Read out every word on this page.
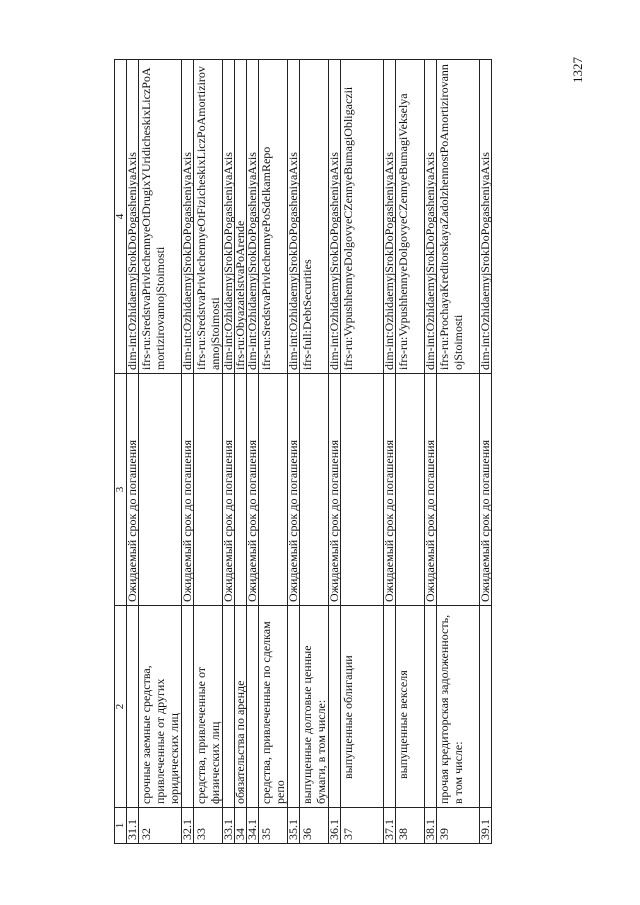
1327
1	2	3	4
31.1		Ожидаемый срок до погашения	dim-int:OzhidaemyjSrokDoPogasheniyaAxis
32	срочные заемные средства, привлеченные от других юридических лиц		ifrs-ru:SredstvaPrivlechennyeOtDrugixYUridicheskixLiczPoAmortizirovannojStoimosti
32.1		Ожидаемый срок до погашения	dim-int:OzhidaemyjSrokDoPogasheniyaAxis
33	средства, привлеченные от физических лиц		ifrs-ru:SredstvaPrivlechennyeOtFizicheskixLiczPoAmortizirovannojStoimosti
33.1		Ожидаемый срок до погашения	dim-int:OzhidaemyjSrokDoPogasheniyaAxis
34	обязательства по аренде		ifrs-ru:ObyazatelstvaPoArende
34.1		Ожидаемый срок до погашения	dim-int:OzhidaemyjSrokDoPogasheniyaAxis
35	средства, привлеченные по сделкам репо		ifrs-ru:SredstvaPrivlechennyePoSdelkamRepo
35.1		Ожидаемый срок до погашения	dim-int:OzhidaemyjSrokDoPogasheniyaAxis
36	выпущенные долговые ценные бумаги, в том числе:		ifrs-full:DebtSecurities
36.1		Ожидаемый срок до погашения	dim-int:OzhidaemyjSrokDoPogasheniyaAxis
37	выпущенные облигации		ifrs-ru:VypushhennyeDolgovyeCZennyeBumagiObligaczii
37.1		Ожидаемый срок до погашения	dim-int:OzhidaemyjSrokDoPogasheniyaAxis
38	выпущенные векселя		ifrs-ru:VypushhennyeDolgovyeCZennyeBumagiVekselya
38.1		Ожидаемый срок до погашения	dim-int:OzhidaemyjSrokDoPogasheniyaAxis
39	прочая кредиторская задолженность, в том числе:		ifrs-ru:ProchayaKreditorskayaZadolzhennostPoAmortizirovannojStoimosti
39.1		Ожидаемый срок до погашения	dim-int:OzhidaemyjSrokDoPogasheniyaAxis
